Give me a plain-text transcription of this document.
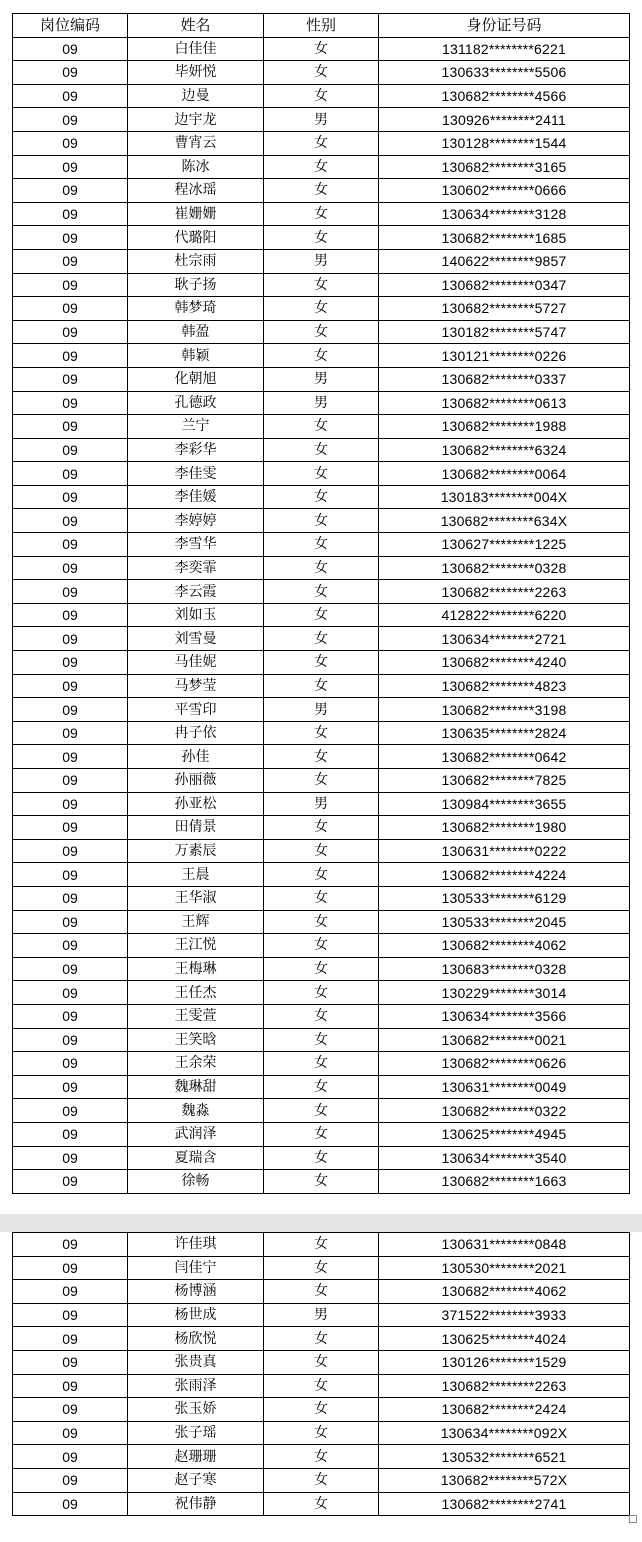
岗位编码	姓名	性别	身份证号码
09	白佳佳	女	131182********6221
09	毕妍悦	女	130633********5506
09	边曼	女	130682********4566
09	边宇龙	男	130926********2411
09	曹宵云	女	130128********1544
09	陈冰	女	130682********3165
09	程冰瑶	女	130602********0666
09	崔姗姗	女	130634********3128
09	代璐阳	女	130682********1685
09	杜宗雨	男	140622********9857
09	耿子扬	女	130682********0347
09	韩梦琦	女	130682********5727
09	韩盈	女	130182********5747
09	韩颖	女	130121********0226
09	化朝旭	男	130682********0337
09	孔德政	男	130682********0613
09	兰宁	女	130682********1988
09	李彩华	女	130682********6324
09	李佳雯	女	130682********0064
09	李佳媛	女	130183********004X
09	李婷婷	女	130682********634X
09	李雪华	女	130627********1225
09	李奕霏	女	130682********0328
09	李云霞	女	130682********2263
09	刘如玉	女	412822********6220
09	刘雪曼	女	130634********2721
09	马佳妮	女	130682********4240
09	马梦莹	女	130682********4823
09	平雪印	男	130682********3198
09	冉子依	女	130635********2824
09	孙佳	女	130682********0642
09	孙丽薇	女	130682********7825
09	孙亚松	男	130984********3655
09	田倩景	女	130682********1980
09	万素辰	女	130631********0222
09	王晨	女	130682********4224
09	王华淑	女	130533********6129
09	王辉	女	130533********2045
09	王江悦	女	130682********4062
09	王梅琳	女	130683********0328
09	王任杰	女	130229********3014
09	王雯萱	女	130634********3566
09	王笑晗	女	130682********0021
09	王余荣	女	130682********0626
09	魏琳甜	女	130631********0049
09	魏淼	女	130682********0322
09	武润泽	女	130625********4945
09	夏瑞含	女	130634********3540
09	徐畅	女	130682********1663
09	许佳琪	女	130631********0848
09	闫佳宁	女	130530********2021
09	杨博涵	女	130682********4062
09	杨世成	男	371522********3933
09	杨欣悦	女	130625********4024
09	张贵真	女	130126********1529
09	张雨泽	女	130682********2263
09	张玉娇	女	130682********2424
09	张子瑶	女	130634********092X
09	赵珊珊	女	130532********6521
09	赵子寒	女	130682********572X
09	祝伟静	女	130682********2741
